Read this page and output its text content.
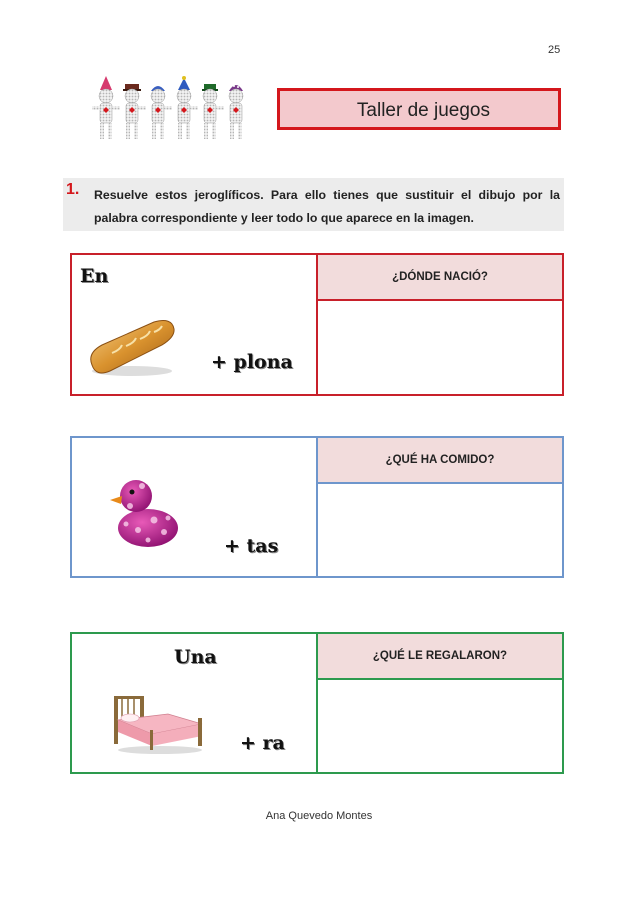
25
Taller de juegos
1. Resuelve estos jeroglíficos. Para ello tienes que sustituir el dibujo por la palabra correspondiente y leer todo lo que aparece en la imagen.
En
+ plona
¿DÓNDE NACIÓ?
+ tas
¿QUÉ HA COMIDO?
Una
+ ra
¿QUÉ LE REGALARON?
Ana Quevedo Montes
